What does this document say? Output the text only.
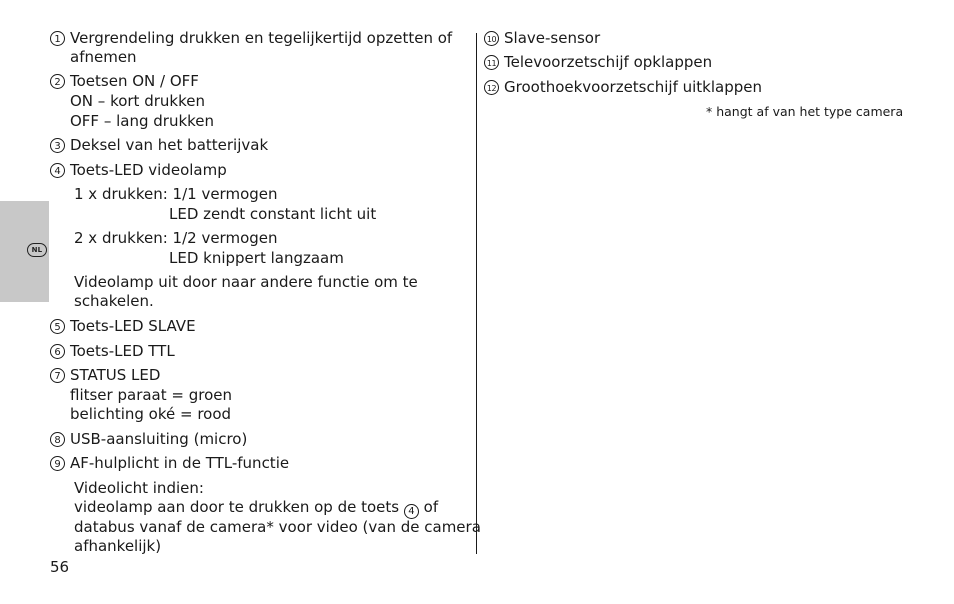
NL
1 Vergrendeling drukken en tegelijkertijd opzetten of
afnemen
2 Toetsen ON / OFF
ON – kort drukken
OFF – lang drukken
3 Deksel van het batterijvak
4 Toets-LED videolamp
1 x drukken: 1/1 vermogen
LED zendt constant licht uit
2 x drukken: 1/2 vermogen
LED knippert langzaam
Videolamp uit door naar andere functie om te
schakelen.
5 Toets-LED SLAVE
6 Toets-LED TTL
7 STATUS LED
flitser paraat = groen
belichting oké = rood
8 USB-aansluiting (micro)
9 AF-hulplicht in de TTL-functie
Videolicht indien:
videolamp aan door te drukken op de toets 4 of
databus vanaf de camera* voor video (van de camera
afhankelijk)
10 Slave-sensor
11 Televoorzetschijf opklappen
12 Groothoekvoorzetschijf uitklappen
* hangt af van het type camera
56
